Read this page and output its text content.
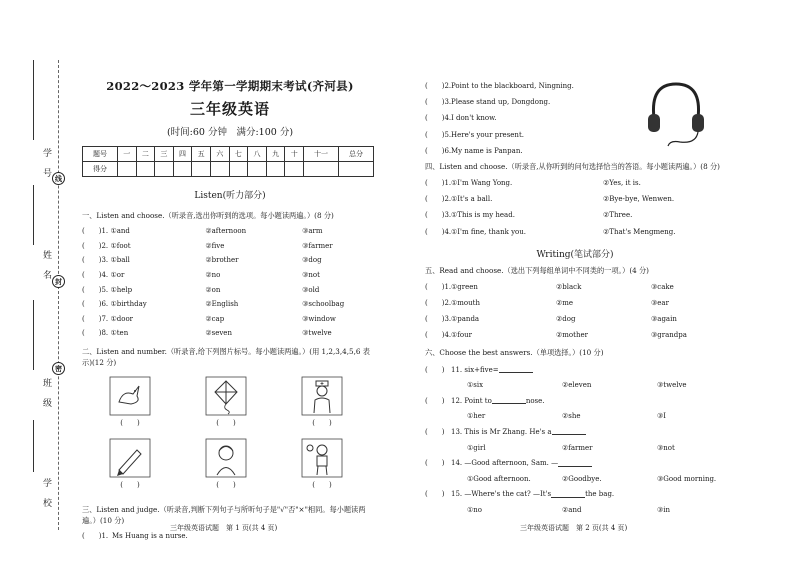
学 号
姓 名
班 级
学 校
线
封
密
2022～2023 学年第一学期期末考试(齐河县)
三年级英语
(时间:60 分钟　满分:100 分)
题号	一	二	三	四	五	六	七	八	九	十	十一	总分
得分												
Listen(听力部分)
一、Listen and choose.（听录音,选出你听到的选项。每小题读两遍。）(8 分)
(　　)1. ①and	②afternoon	③arm
(　　)2. ①foot	②five	③farmer
(　　)3. ①ball	②brother	③dog
(　　)4. ①or	②no	③not
(　　)5. ①help	②on	③old
(　　)6. ①birthday	②English	③schoolbag
(　　)7. ①door	②cap	③window
(　　)8. ①ten	②seven	③twelve
二、Listen and number.（听录音,给下列图片标号。每小题读两遍。）(用 1,2,3,4,5,6 表示)(12 分)
(　　)	(　　)	(　　)
(　　)	(　　)	(　　)
三、Listen and judge.（听录音,判断下列句子与所听句子是"√"否"×"相同。每小题读两遍。）(10 分)
(　　)1. Ms Huang is a nurse.
三年级英语试题　第 1 页(共 4 页)
(　　)2. Point to the blackboard, Ningning.
(　　)3. Please stand up, Dongdong.
(　　)4. I don't know.
(　　)5. Here's your present.
(　　)6. My name is Panpan.
四、Listen and choose.（听录音,从你听到的问句选择恰当的答语。每小题读两遍。）(8 分)
(　　)1. ①I'm Wang Yong.	②Yes, it is.
(　　)2. ①It's a ball.	②Bye-bye, Wenwen.
(　　)3. ①This is my head.	②Three.
(　　)4. ①I'm fine, thank you.	②That's Mengmeng.
Writing(笔试部分)
五、Read and choose.（选出下列每组单词中不同类的一项。）(4 分)
(　　)1. ①green	②black	③cake
(　　)2. ①mouth	②me	③ear
(　　)3. ①panda	②dog	③again
(　　)4. ①four	②mother	③grandpa
六、Choose the best answers.（单项选择。）(10 分)
(　　) 11. six+five=
①six	②eleven	③twelve
(　　) 12. Point to	nose.
①her	②she	③I
(　　) 13. This is Mr Zhang. He's a
①girl	②farmer	③not
(　　) 14. —Good afternoon, Sam. —
①Good afternoon.	②Goodbye.	③Good morning.
(　　) 15. —Where's the cat? —It's	the bag.
①no	②and	③in
三年级英语试题　第 2 页(共 4 页)
